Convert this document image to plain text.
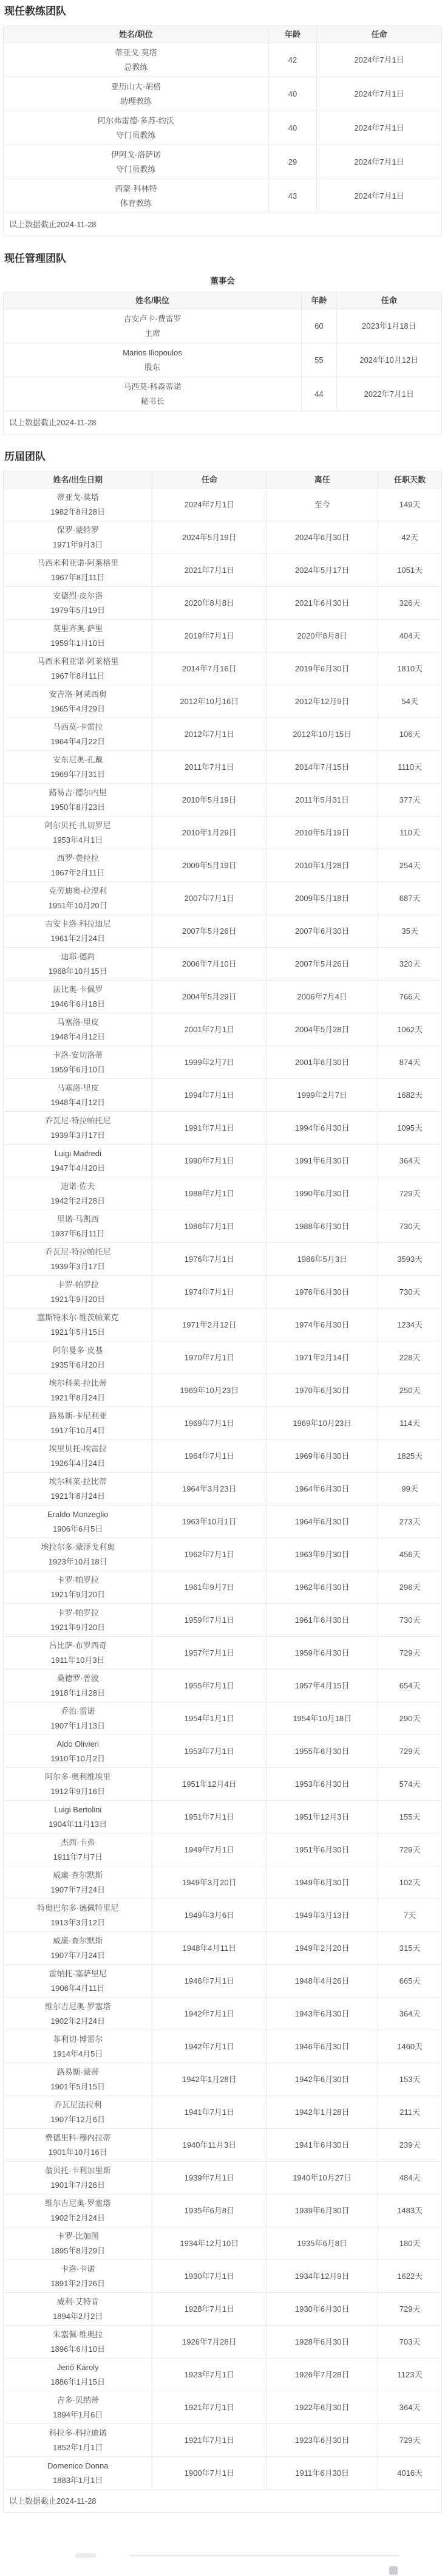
现任教练团队
姓名/职位	年龄	任命

蒂亚戈·莫塔
总教练	42	2024年7月1日

亚历山大·胡格
助理教练	40	2024年7月1日

阿尔弗雷德·多苏-约沃
守门员教练	40	2024年7月1日

伊阿戈·洛萨诺
守门员教练	29	2024年7月1日

西蒙·科林特
体育教练	43	2024年7月1日
以上数据截止2024-11-28		
现任管理团队
董事会
姓名/职位	年龄	任命

吉安卢卡·费雷罗
主席	60	2023年1月18日

Marios Iliopoulos
股东	55	2024年10月12日

马西莫·科森蒂诺
秘书长	44	2022年7月1日
以上数据截止2024-11-28		
历届团队
姓名/出生日期	任命	离任	任职天数

蒂亚戈·莫塔
1982年8月28日	2024年7月1日	至今	149天

保罗·蒙特罗
1971年9月3日	2024年5月19日	2024年6月30日	42天

马西米利亚诺·阿莱格里
1967年8月11日	2021年7月1日	2024年5月17日	1051天

安德烈·皮尔洛
1979年5月19日	2020年8月8日	2021年6月30日	326天

莫里齐奥·萨里
1959年1月10日	2019年7月1日	2020年8月8日	404天

马西米利亚诺·阿莱格里
1967年8月11日	2014年7月16日	2019年6月30日	1810天

安吉洛·阿莱西奥
1965年4月29日	2012年10月16日	2012年12月9日	54天

马西莫·卡雷拉
1964年4月22日	2012年7月1日	2012年10月15日	106天

安东尼奥·孔戴
1969年7月31日	2011年7月1日	2014年7月15日	1110天

路易吉·德尔内里
1950年8月23日	2010年5月19日	2011年5月31日	377天

阿尔贝托·扎切罗尼
1953年4月1日	2010年1月29日	2010年5月19日	110天

西罗·费拉拉
1967年2月11日	2009年5月19日	2010年1月28日	254天

克劳迪奥·拉涅利
1951年10月20日	2007年7月1日	2009年5月18日	687天

吉安卡洛·科拉迪尼
1961年2月24日	2007年5月26日	2007年6月30日	35天

迪耶·德尚
1968年10月15日	2006年7月10日	2007年5月26日	320天

法比奥·卡佩罗
1946年6月18日	2004年5月29日	2006年7月4日	766天

马塞洛·里皮
1948年4月12日	2001年7月1日	2004年5月28日	1062天

卡洛·安切洛蒂
1959年6月10日	1999年2月7日	2001年6月30日	874天

马塞洛·里皮
1948年4月12日	1994年7月1日	1999年2月7日	1682天

乔瓦尼·特拉帕托尼
1939年3月17日	1991年7月1日	1994年6月30日	1095天

Luigi Maifredi
1947年4月20日	1990年7月1日	1991年6月30日	364天

迪诺·佐夫
1942年2月28日	1988年7月1日	1990年6月30日	729天

里诺·马凯西
1937年6月11日	1986年7月1日	1988年6月30日	730天

乔瓦尼·特拉帕托尼
1939年3月17日	1976年7月1日	1986年5月3日	3593天

卡罗·帕罗拉
1921年9月20日	1974年7月1日	1976年6月30日	730天

塞斯特米尔·维茨帕莱克
1921年5月15日	1971年2月12日	1974年6月30日	1234天

阿尔曼多·皮基
1935年6月20日	1970年7月1日	1971年2月14日	228天

埃尔科莱·拉比蒂
1921年8月24日	1969年10月23日	1970年6月30日	250天

路易斯·卡尼利亚
1917年10月4日	1969年7月1日	1969年10月23日	114天

埃里贝托·埃雷拉
1926年4月24日	1964年7月1日	1969年6月30日	1825天

埃尔科莱·拉比蒂
1921年8月24日	1964年3月23日	1964年6月30日	99天

Eraldo Monzeglio
1906年6月5日	1963年10月1日	1964年6月30日	273天

埃拉尔多·蒙泽戈利奥
1923年10月18日	1962年7月1日	1963年9月30日	456天

卡罗·帕罗拉
1921年9月20日	1961年9月7日	1962年6月30日	296天

卡罗·帕罗拉
1921年9月20日	1959年7月1日	1961年6月30日	730天

吕比萨·布罗西奇
1911年10月3日	1957年7月1日	1959年6月30日	729天

桑德罗·普波
1918年1月28日	1955年7月1日	1957年4月15日	654天

乔治·雷诺
1907年1月13日	1954年1月1日	1954年10月18日	290天

Aldo Olivieri
1910年10月2日	1953年7月1日	1955年6月30日	729天

阿尔多·奥利维埃里
1912年9月16日	1951年12月4日	1953年6月30日	574天

Luigi Bertolini
1904年11月13日	1951年7月1日	1951年12月3日	155天

杰西·卡弗
1911年7月7日	1949年7月1日	1951年6月30日	729天

威廉·查尔默斯
1907年7月24日	1949年3月20日	1949年6月30日	102天

特奥巴尔多·德佩特里尼
1913年3月12日	1949年3月6日	1949年3月13日	7天

威廉·查尔默斯
1907年7月24日	1948年4月11日	1949年2月20日	315天

雷纳托·塞萨里尼
1906年4月11日	1946年7月1日	1948年4月26日	665天

维尔吉尼奥·罗塞塔
1902年2月24日	1942年7月1日	1943年6月30日	364天

菲利切·博雷尔
1914年4月5日	1942年7月1日	1946年6月30日	1460天

路易斯·蒙蒂
1901年5月15日	1942年1月28日	1942年6月30日	153天

乔瓦尼法拉利
1907年12月6日	1941年7月1日	1942年1月28日	211天

费德里科·穆内拉蒂
1901年10月16日	1940年11月3日	1941年6月30日	239天

翁贝托·卡利加里斯
1901年7月26日	1939年7月1日	1940年10月27日	484天

维尔吉尼奥·罗塞塔
1902年2月24日	1935年6月8日	1939年6月30日	1483天

卡罗·比加图
1895年8月29日	1934年12月10日	1935年6月8日	180天

卡洛·卡诺
1891年2月26日	1930年7月1日	1934年12月9日	1622天

威利·艾特肯
1894年2月2日	1928年7月1日	1930年6月30日	729天

朱塞佩·维奥拉
1896年6月10日	1926年7月28日	1928年6月30日	703天

Jenő Károly
1886年1月15日	1923年7月1日	1926年7月28日	1123天

吉多·贝纳蒂
1894年1月6日	1921年7月1日	1922年6月30日	364天

科拉多·科拉迪诺
1852年1月1日	1921年7月1日	1923年6月30日	729天

Domenico Donna
1883年1月1日	1900年7月1日	1911年6月30日	4016天
以上数据截止2024-11-28			
